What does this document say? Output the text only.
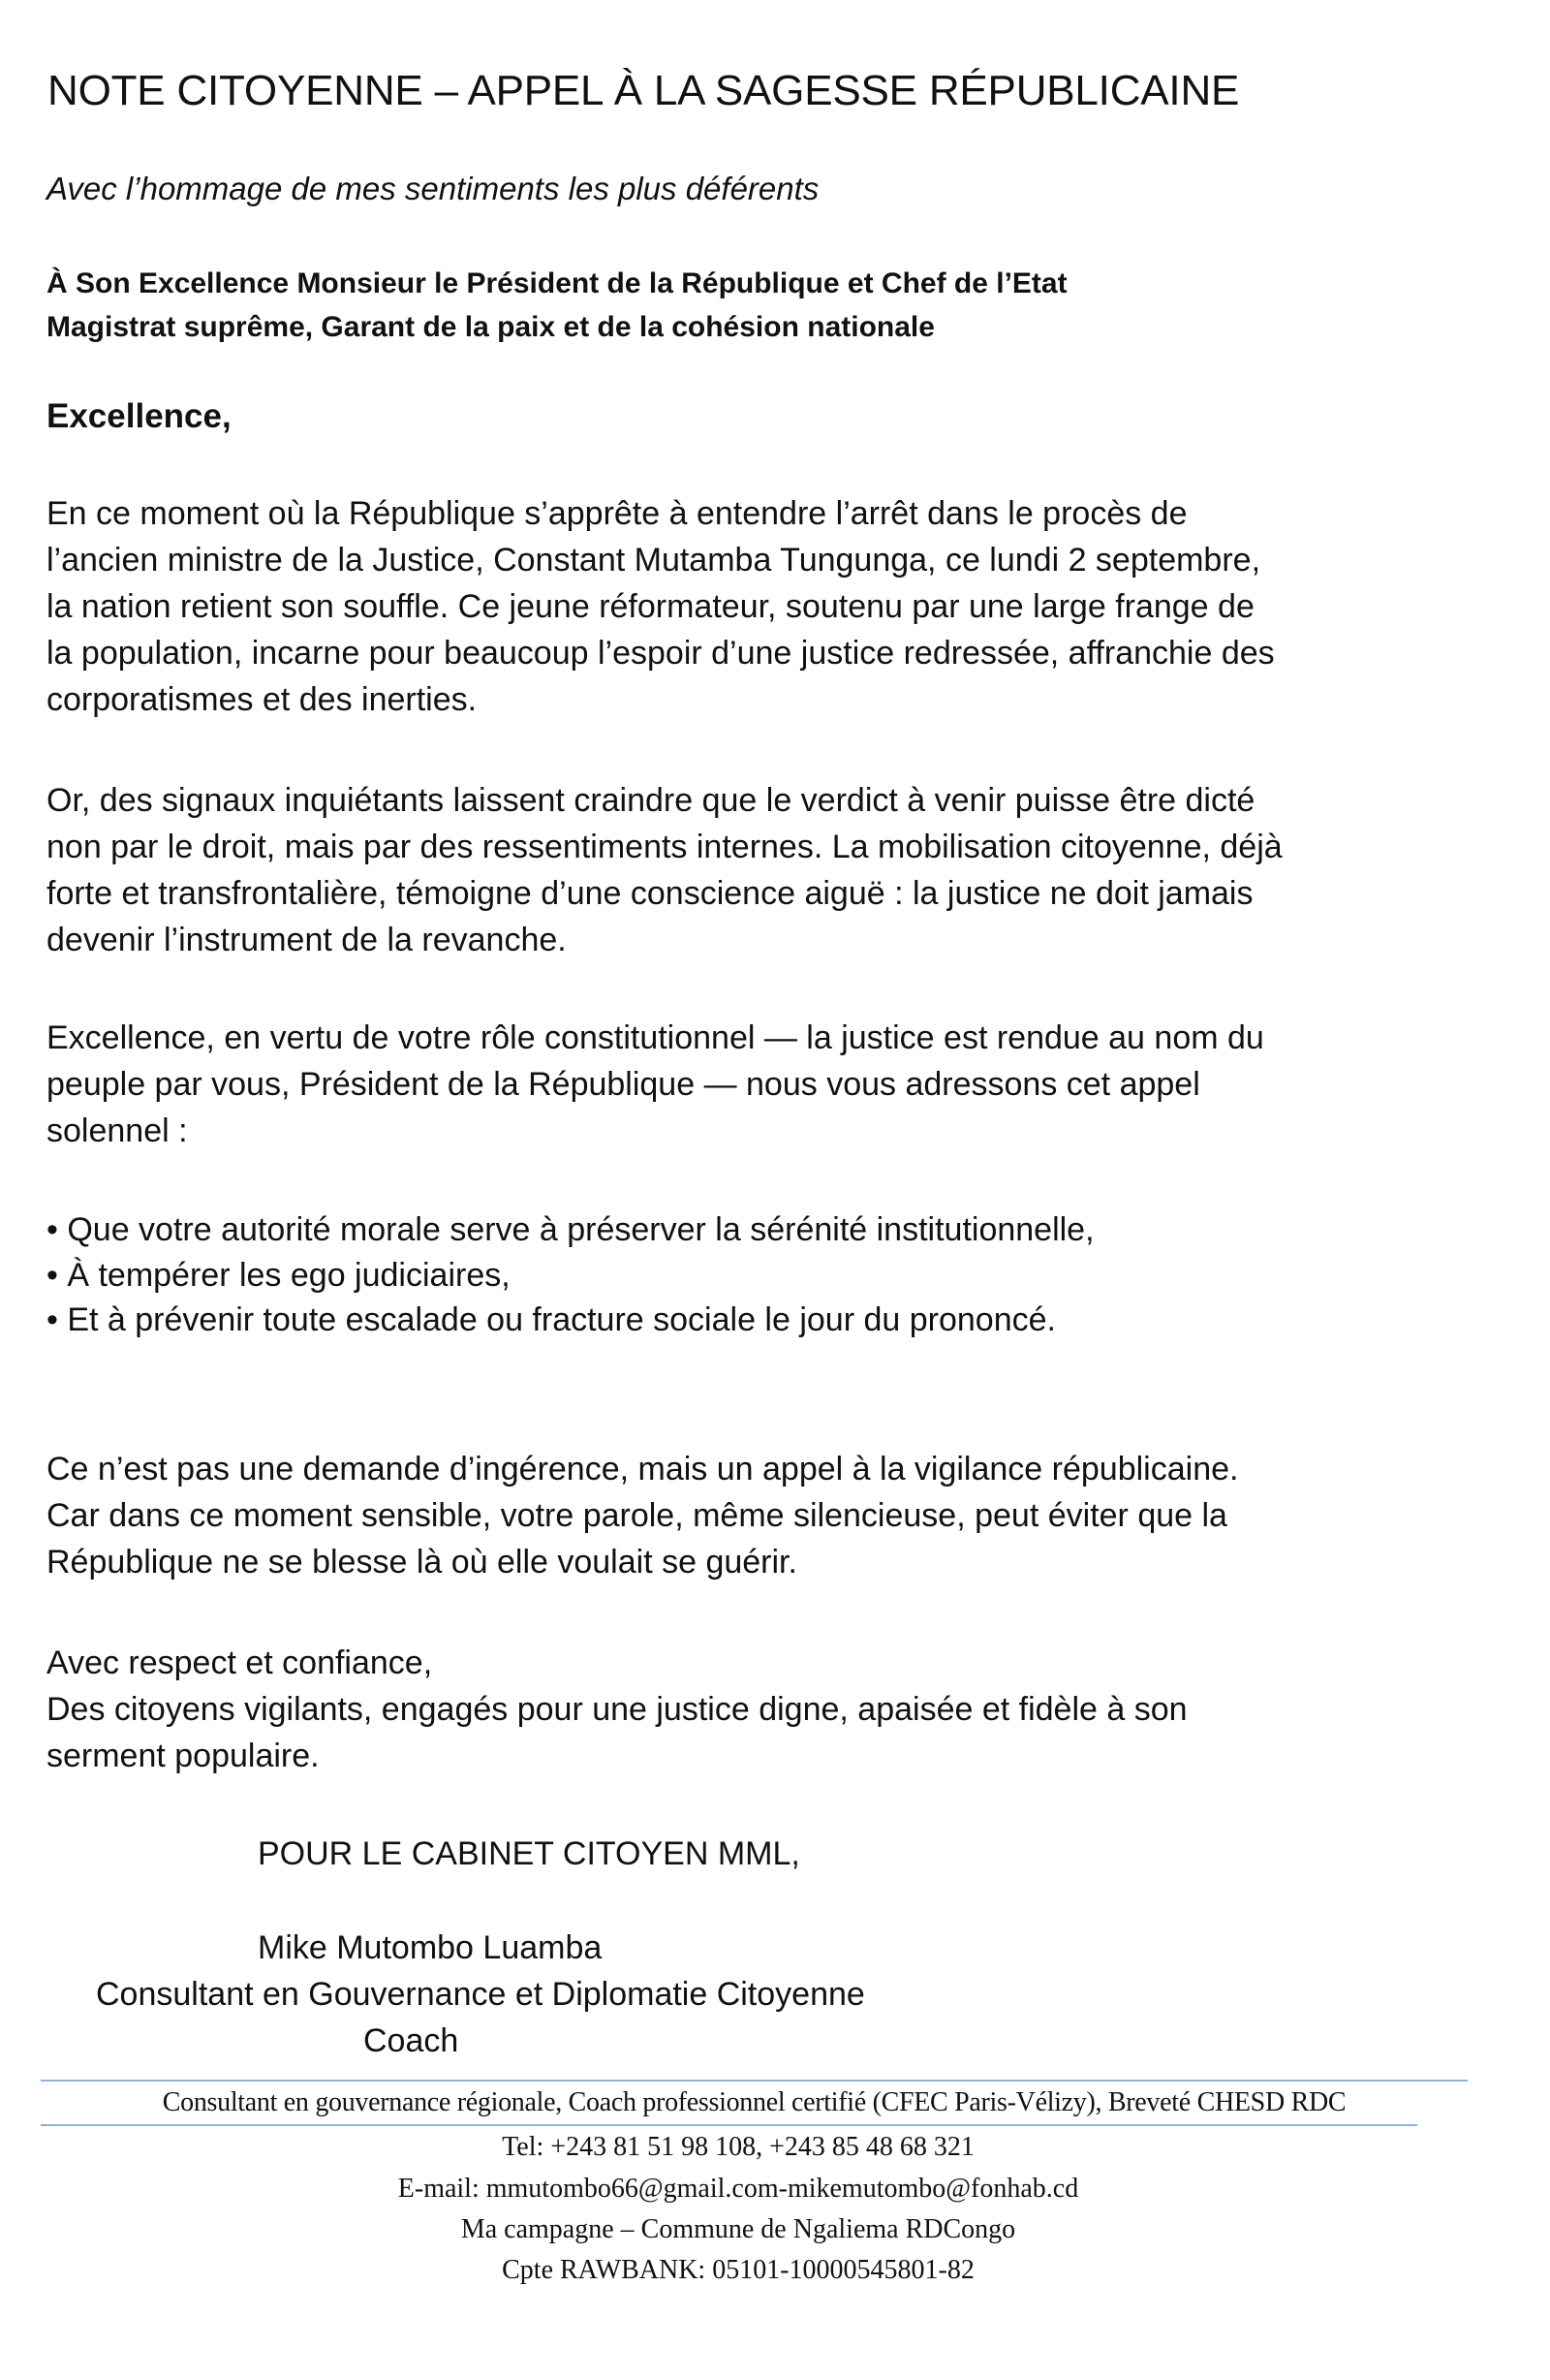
NOTE CITOYENNE – APPEL À LA SAGESSE RÉPUBLICAINE
Avec l’hommage de mes sentiments les plus déférents
À Son Excellence Monsieur le Président de la République et Chef de l’Etat
Magistrat suprême, Garant de la paix et de la cohésion nationale
Excellence,
En ce moment où la République s’apprête à entendre l’arrêt dans le procès de
l’ancien ministre de la Justice, Constant Mutamba Tungunga, ce lundi 2 septembre,
la nation retient son souffle. Ce jeune réformateur, soutenu par une large frange de
la population, incarne pour beaucoup l’espoir d’une justice redressée, affranchie des
corporatismes et des inerties.
Or, des signaux inquiétants laissent craindre que le verdict à venir puisse être dicté
non par le droit, mais par des ressentiments internes. La mobilisation citoyenne, déjà
forte et transfrontalière, témoigne d’une conscience aiguë : la justice ne doit jamais
devenir l’instrument de la revanche.
Excellence, en vertu de votre rôle constitutionnel — la justice est rendue au nom du
peuple par vous, Président de la République — nous vous adressons cet appel
solennel :
• Que votre autorité morale serve à préserver la sérénité institutionnelle,
• À tempérer les ego judiciaires,
• Et à prévenir toute escalade ou fracture sociale le jour du prononcé.
Ce n’est pas une demande d’ingérence, mais un appel à la vigilance républicaine.
Car dans ce moment sensible, votre parole, même silencieuse, peut éviter que la
République ne se blesse là où elle voulait se guérir.
Avec respect et confiance,
Des citoyens vigilants, engagés pour une justice digne, apaisée et fidèle à son
serment populaire.
POUR LE CABINET CITOYEN MML,
Mike Mutombo Luamba
Consultant en Gouvernance et Diplomatie Citoyenne
Coach
Consultant en gouvernance régionale, Coach professionnel certifié (CFEC Paris-Vélizy), Breveté CHESD RDC
Tel: +243 81 51 98 108, +243 85 48 68 321
E-mail: mmutombo66@gmail.com-mikemutombo@fonhab.cd
Ma campagne – Commune de Ngaliema RDCongo
Cpte RAWBANK: 05101-10000545801-82
